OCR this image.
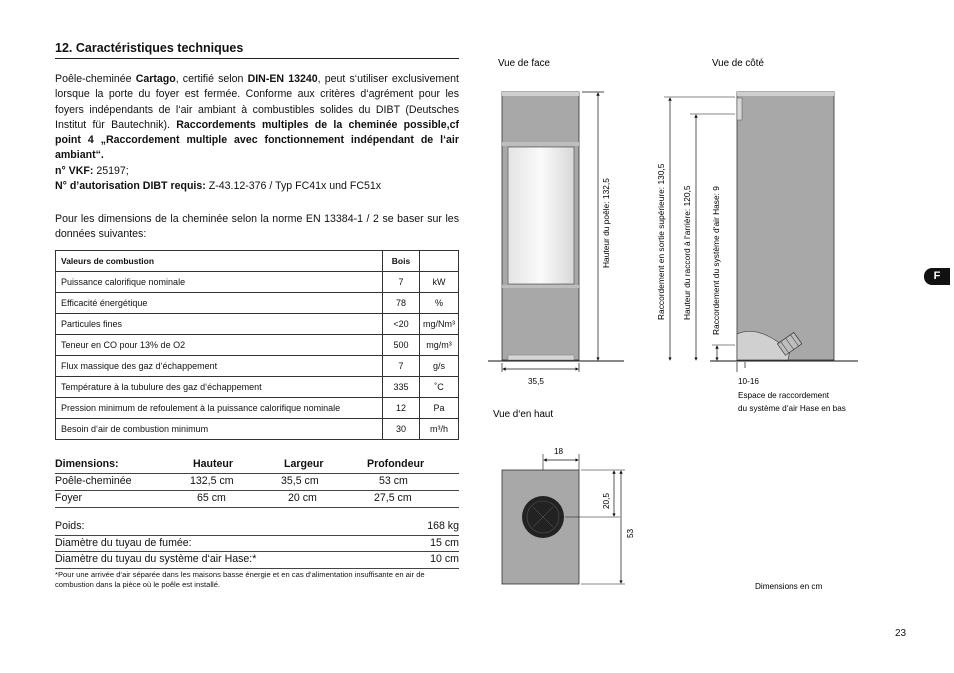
12. Caractéristiques techniques

Poêle-cheminée Cartago, certifié selon DIN-EN 13240, peut s‘utiliser exclusivement lorsque la porte du foyer est fermée. Conforme aux critères d‘agrément pour les foyers indépendants de l‘air ambiant à combustibles solides du DIBT (Deutsches Institut für Bautechnik). Raccordements multiples de la cheminée possible,cf point 4 „Raccordement multiple avec fonctionnement indépendant de l‘air ambiant“.

n° VKF: 25197;

N° d’autorisation DIBT requis: Z-43.12-376 / Typ FC41x und FC51x

Pour les dimensions de la cheminée selon la norme EN 13384-1 / 2 se baser sur les données suivantes:
Valeurs de combustion	Bois	
Puissance calorifique nominale	7	kW
Efficacité énergétique	78	%
Particules fines	<20	mg/Nm³
Teneur en CO pour 13% de O2	500	mg/m³
Flux massique des gaz d‘échappement	7	g/s
Température à la tubulure des gaz d‘échappement	335	˚C
Pression minimum de refoulement à la puissance calorifique nominale	12	Pa
Besoin d‘air de combustion minimum	30	m³/h
Dimensions:	Hauteur	Largeur	Profondeur
Poêle-cheminée	132,5 cm	35,5 cm	53 cm
Foyer	65 cm	20 cm	27,5 cm
Poids:	168 kg
Diamètre du tuyau de fumée:	15 cm
Diamètre du tuyau du système d‘air Hase:*	10 cm
*Pour une arrivée d‘air séparée dans les maisons basse énergie et en cas d‘alimentation insuffisante en air de combustion dans la pièce où le poêle est installé.
Vue de face	Vue de côté
Vue d‘en haut
35,5
Hauteur du poêle: 132,5	Raccordement en sortie supérieure: 130,5 Hauteur du raccord à l‘arrière: 120,5 Raccordement du système d‘air Hase: 9
10-16
Espace de raccordement
du système d‘air Hase en bas
18
20,5
53
Dimensions en cm
F
23
